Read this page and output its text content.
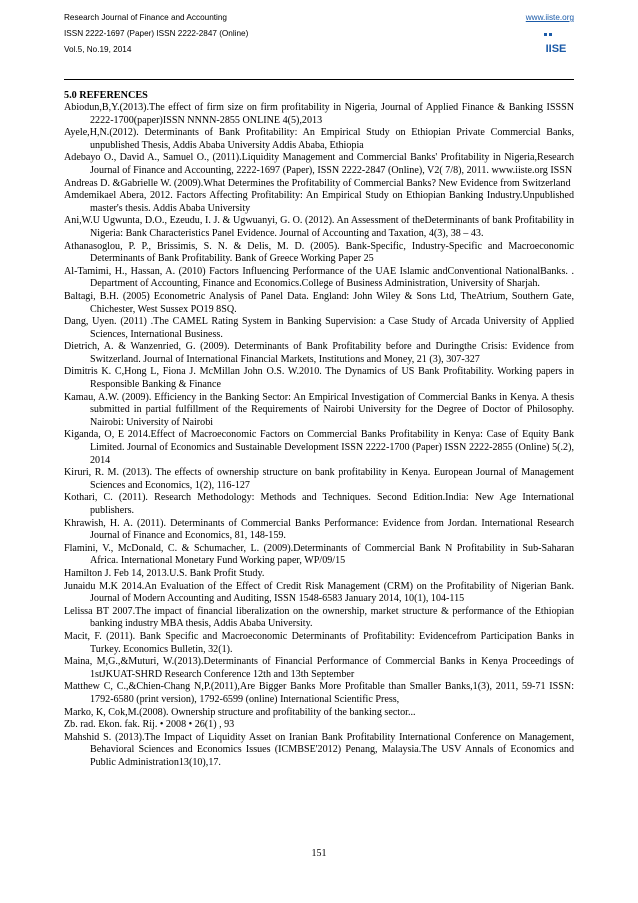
Research Journal of Finance and Accounting
ISSN 2222-1697 (Paper) ISSN 2222-2847 (Online)
Vol.5, No.19, 2014
www.iiste.org
IISE

5.0 REFERENCES

Abiodun,B,Y.(2013).The effect of firm size on firm profitability in Nigeria, Journal of Applied Finance & Banking ISSSN 2222-1700(paper)ISSN NNNN-2855 ONLINE 4(5),2013
Ayele,H,N.(2012). Determinants of Bank Profitability: An Empirical Study on Ethiopian Private Commercial Banks, unpublished Thesis, Addis Ababa University Addis Ababa, Ethiopia
Adebayo O., David A., Samuel O., (2011).Liquidity Management and Commercial Banks' Profitability in Nigeria,Research Journal of Finance and Accounting, 2222-1697 (Paper), ISSN 2222-2847 (Online), V2( 7/8), 2011. www.iiste.org ISSN
Andreas D. &Gabrielle W. (2009).What Determines the Profitability of Commercial Banks? New Evidence from Switzerland
Amdemikael Abera, 2012. Factors Affecting Profitability: An Empirical Study on Ethiopian Banking Industry.Unpublished master's thesis. Addis Ababa University
Ani,W.U Ugwunta, D.O., Ezeudu, I. J. & Ugwuanyi, G. O. (2012). An Assessment of theDeterminants of bank Profitability in Nigeria: Bank Characteristics Panel Evidence. Journal of Accounting and Taxation, 4(3), 38 – 43.
Athanasoglou, P. P., Brissimis, S. N. & Delis, M. D. (2005). Bank-Specific, Industry-Specific and Macroeconomic Determinants of Bank Profitability. Bank of Greece Working Paper 25
Al-Tamimi, H., Hassan, A. (2010) Factors Influencing Performance of the UAE Islamic andConventional NationalBanks. . Department of Accounting, Finance and Economics.College of Business Administration, University of Sharjah.
Baltagi, B.H. (2005) Econometric Analysis of Panel Data. England: John Wiley & Sons Ltd, TheAtrium, Southern Gate, Chichester, West Sussex PO19 8SQ.
Dang, Uyen. (2011) .The CAMEL Rating System in Banking Supervision: a Case Study of Arcada University of Applied Sciences, International Business.
Dietrich, A. & Wanzenried, G. (2009). Determinants of Bank Profitability before and Duringthe Crisis: Evidence from Switzerland. Journal of International Financial Markets, Institutions and Money, 21 (3), 307-327
Dimitris K. C,Hong L, Fiona J. McMillan John O.S. W.2010. The Dynamics of US Bank Profitability. Working papers in Responsible Banking & Finance
Kamau, A.W. (2009). Efficiency in the Banking Sector: An Empirical Investigation of Commercial Banks in Kenya. A thesis submitted in partial fulfillment of the Requirements of Nairobi University for the Degree of Doctor of Philosophy. Nairobi: University of Nairobi
Kiganda, O, E 2014.Effect of Macroeconomic Factors on Commercial Banks Profitability in Kenya: Case of Equity Bank Limited. Journal of Economics and Sustainable Development ISSN 2222-1700 (Paper) ISSN 2222-2855 (Online) 5(.2), 2014
Kiruri, R. M. (2013). The effects of ownership structure on bank profitability in Kenya. European Journal of Management Sciences and Economics, 1(2), 116-127
Kothari, C. (2011). Research Methodology: Methods and Techniques. Second Edition.India: New Age International publishers.
Khrawish, H. A. (2011). Determinants of Commercial Banks Performance: Evidence from Jordan. International Research Journal of Finance and Economics, 81, 148-159.
Flamini, V., McDonald, C. & Schumacher, L. (2009).Determinants of Commercial Bank N Profitability in Sub-Saharan Africa. International Monetary Fund Working paper, WP/09/15
Hamilton J. Feb 14, 2013.U.S. Bank Profit Study.
Junaidu M.K 2014.An Evaluation of the Effect of Credit Risk Management (CRM) on the Profitability of Nigerian Bank. Journal of Modern Accounting and Auditing, ISSN 1548-6583 January 2014, 10(1), 104-115
Lelissa BT 2007.The impact of financial liberalization on the ownership, market structure & performance of the Ethiopian banking industry MBA thesis, Addis Ababa University.
Macit, F. (2011). Bank Specific and Macroeconomic Determinants of Profitability: Evidencefrom Participation Banks in Turkey. Economics Bulletin, 32(1).
Maina, M,G.,&Muturi, W.(2013).Determinants of Financial Performance of Commercial Banks in Kenya Proceedings of 1stJKUAT-SHRD Research Conference 12th and 13th September
Matthew C, C.,&Chien-Chang N,P.(2011),Are Bigger Banks More Profitable than Smaller Banks,1(3), 2011, 59-71 ISSN: 1792-6580 (print version), 1792-6599 (online) International Scientific Press,
Marko, K, Cok,M.(2008). Ownership structure and profitability of the banking sector...
Zb. rad. Ekon. fak. Rij. • 2008 • 26(1) , 93
Mahshid S. (2013).The Impact of Liquidity Asset on Iranian Bank Profitability International Conference on Management, Behavioral Sciences and Economics Issues (ICMBSE'2012) Penang, Malaysia.The USV Annals of Economics and Public Administration13(10),17.
151
